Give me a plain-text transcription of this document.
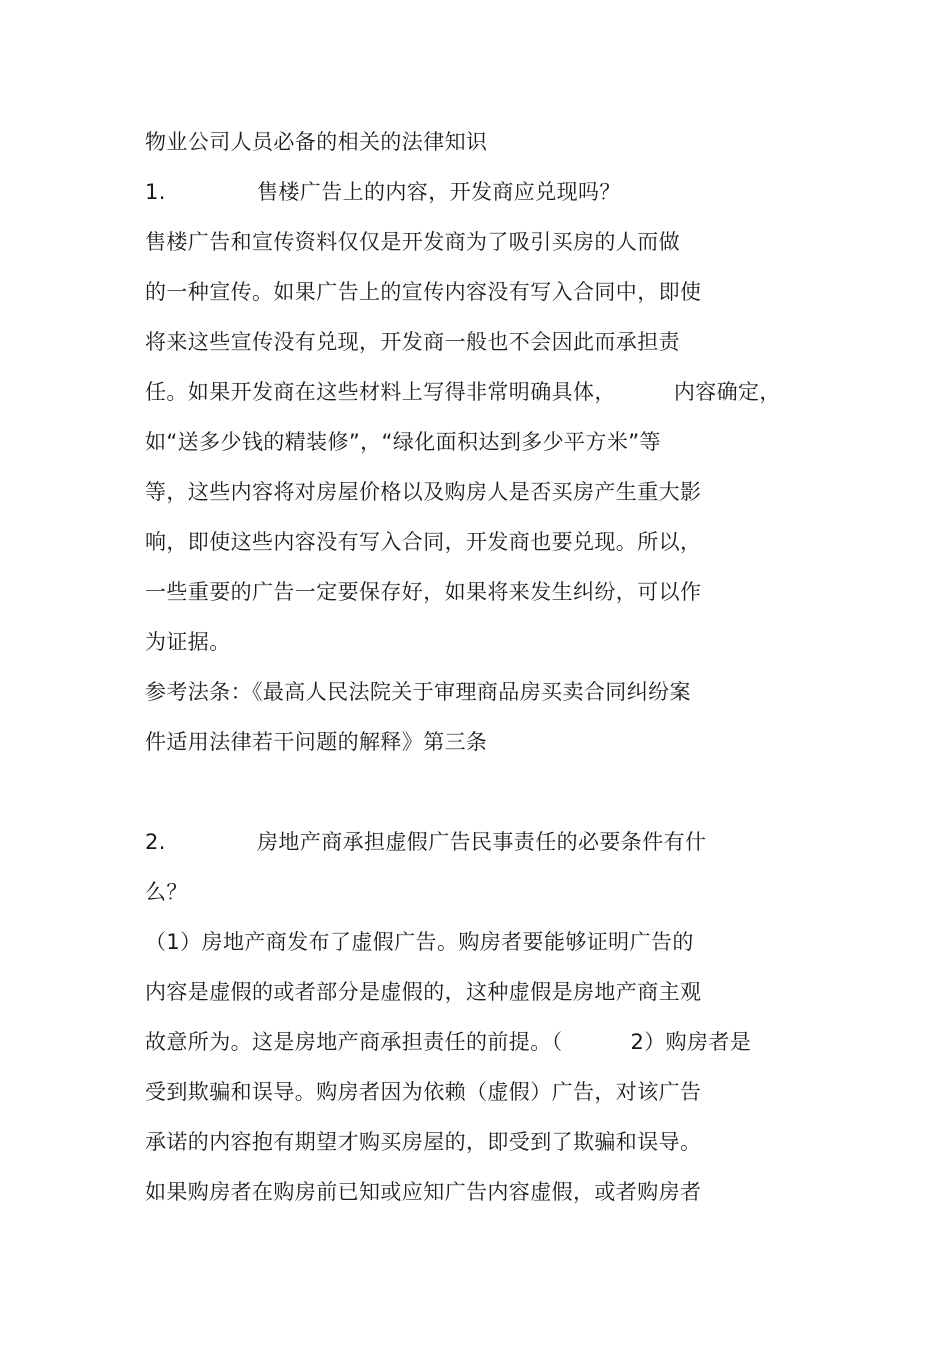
物业公司人员必备的相关的法律知识
1.	售楼广告上的内容，开发商应兑现吗？
售楼广告和宣传资料仅仅是开发商为了吸引买房的人而做
的一种宣传。如果广告上的宣传内容没有写入合同中，即使
将来这些宣传没有兑现，开发商一般也不会因此而承担责
任。如果开发商在这些材料上写得非常明确具体，	内容确定，
如“送多少钱的精装修”，“绿化面积达到多少平方米”等
等，这些内容将对房屋价格以及购房人是否买房产生重大影
响，即使这些内容没有写入合同，开发商也要兑现。所以，
一些重要的广告一定要保存好，如果将来发生纠纷，可以作
为证据。
参考法条：《最高人民法院关于审理商品房买卖合同纠纷案
件适用法律若干问题的解释》第三条
2.	房地产商承担虚假广告民事责任的必要条件有什
么？
（1）房地产商发布了虚假广告。购房者要能够证明广告的
内容是虚假的或者部分是虚假的，这种虚假是房地产商主观
故意所为。这是房地产商承担责任的前提。（	2）购房者是
受到欺骗和误导。购房者因为依赖（虚假）广告，对该广告
承诺的内容抱有期望才购买房屋的，即受到了欺骗和误导。
如果购房者在购房前已知或应知广告内容虚假，或者购房者
